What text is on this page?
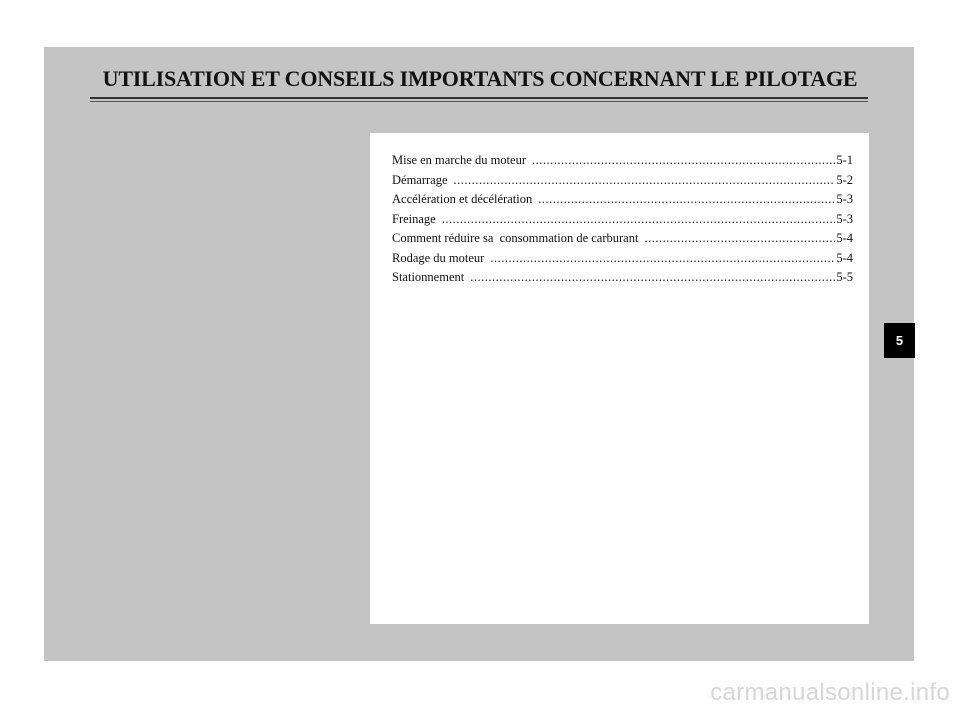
UTILISATION ET CONSEILS IMPORTANTS CONCERNANT LE PILOTAGE
Mise en marche du moteur .....	5-1
Démarrage .....	5-2
Accélération et décélération .....	5-3
Freinage .....	5-3
Comment réduire sa  consommation de carburant .....	5-4
Rodage du moteur .....	5-4
Stationnement .....	5-5
5
carmanualsonline.info
